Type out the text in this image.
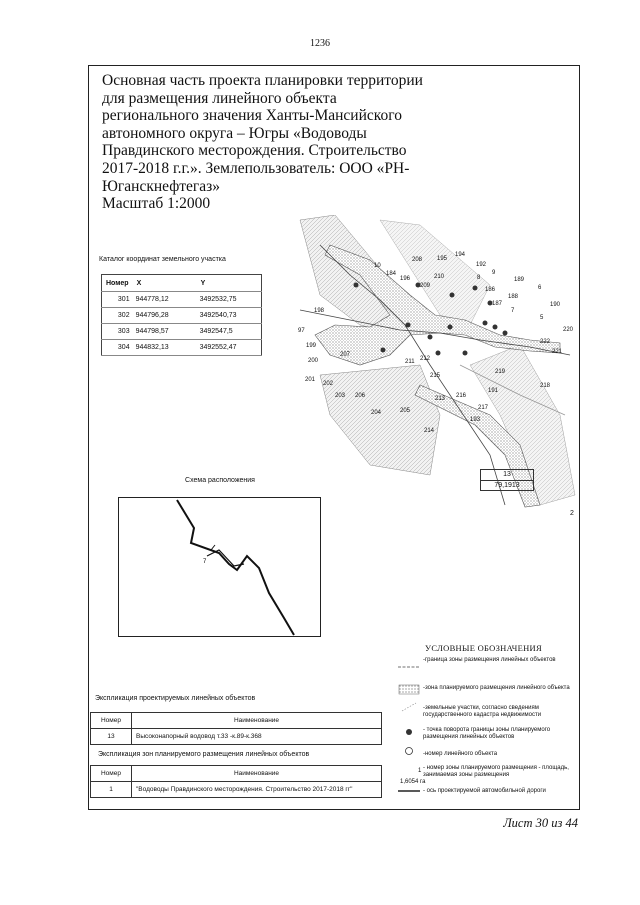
1236
Основная часть проекта планировки территории
для размещения линейного объекта
регионального значения Ханты-Мансийского
автономного округа – Югры «Водоводы
Правдинского месторождения. Строительство
2017-2018 г.г.». Землепользователь: ООО «РН-
Юганскнефтегаз»
Масштаб 1:2000
10
184
208 195
194
192
196
9
8
210
186
189
6
209
188
187	190
198	7
5
97	220
199
207
222
200	211 212
221
201
202
215
219
203 206	213 216
191
218
204	205	217
193
214
13
79,1913
2
Каталог координат земельного участка
Номер	X	Y
301	944778,12	3492532,75
302	944796,28	3492540,73
303	944798,57	3492547,5
304	944832,13	3492552,47
Схема расположения
7
Экспликация проектируемых линейных объектов
Номер	Наименование
13	Высоконапорный водовод т.33 -к.89-к.368
Экспликация зон планируемого размещения линейных объектов
Номер	Наименование
1	"Водоводы Правдинского месторождения. Строительство 2017-2018 гг"
УСЛОВНЫЕ ОБОЗНАЧЕНИЯ
1
1,6054 га
-граница зоны размещения линейных объектов
-зона планируемого размещения линейного объекта
-земельные участки, согласно сведениям государственного кадастра недвижимости
- точка поворота границы зоны планируемого размещения линейных объектов
-номер линейного объекта
- номер зоны планируемого размещения - площадь, занимаемая зоны размещения
- ось проектируемой автомобильной дороги
Лист 30 из 44
